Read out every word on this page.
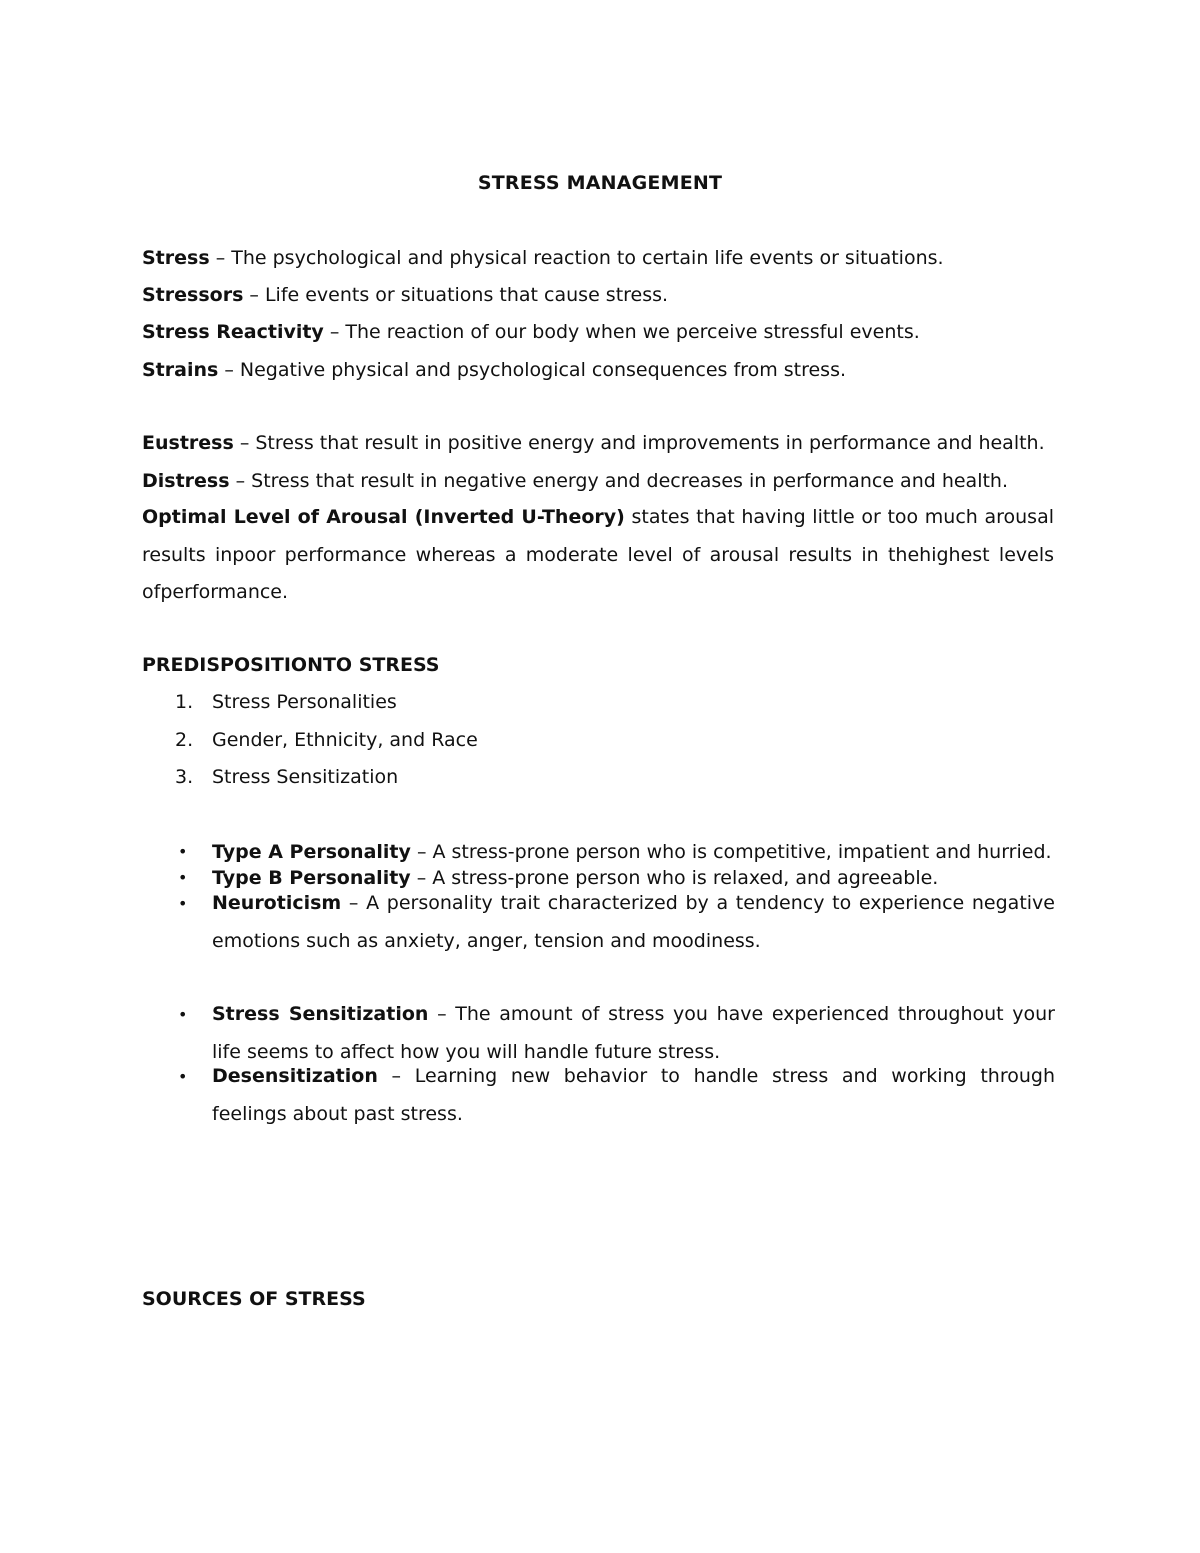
STRESS MANAGEMENT
Stress – The psychological and physical reaction to certain life events or situations.
Stressors – Life events or situations that cause stress.
Stress Reactivity – The reaction of our body when we perceive stressful events.
Strains – Negative physical and psychological consequences from stress.
Eustress – Stress that result in positive energy and improvements in performance and health.
Distress – Stress that result in negative energy and decreases in performance and health.
Optimal Level of Arousal (Inverted U-Theory) states that having little or too much arousal results inpoor performance whereas a moderate level of arousal results in thehighest levels ofperformance.
PREDISPOSITIONTO STRESS
1. Stress Personalities
2. Gender, Ethnicity, and Race
3. Stress Sensitization
• Type A Personality – A stress-prone person who is competitive, impatient and hurried.
• Type B Personality – A stress-prone person who is relaxed, and agreeable.
• Neuroticism – A personality trait characterized by a tendency to experience negative emotions such as anxiety, anger, tension and moodiness.
• Stress Sensitization – The amount of stress you have experienced throughout your life seems to affect how you will handle future stress.
• Desensitization – Learning new behavior to handle stress and working through feelings about past stress.
SOURCES OF STRESS
